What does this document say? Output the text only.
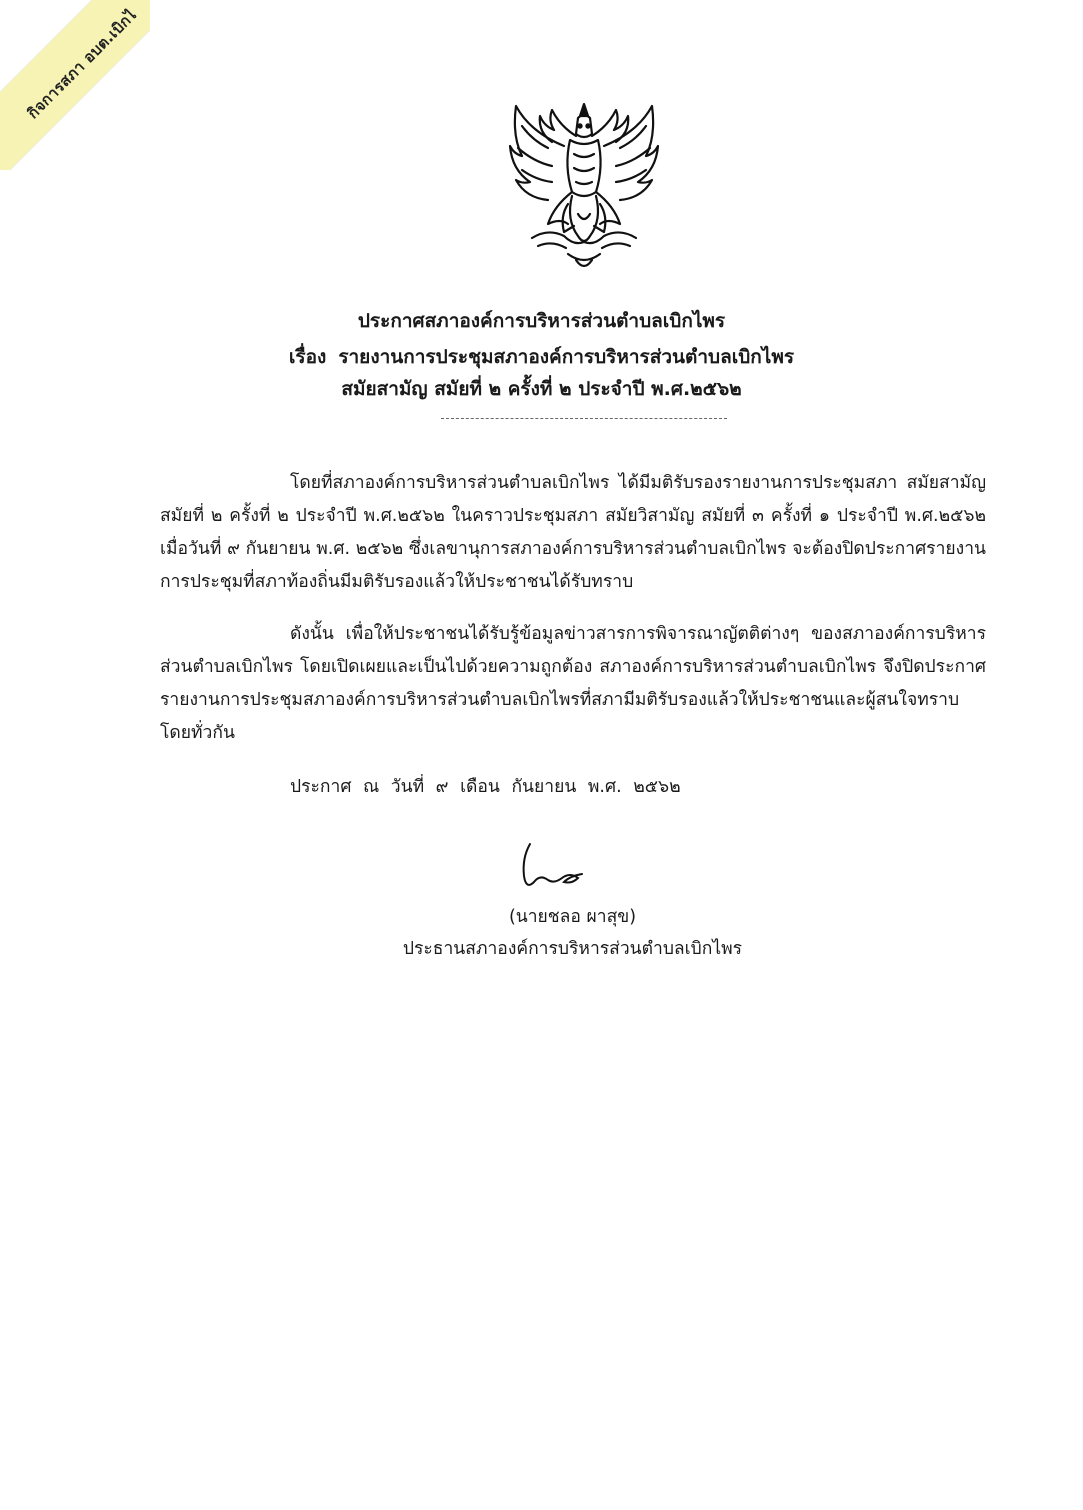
กิจการสภา อบต.เบิกไ
ประกาศสภาองค์การบริหารส่วนตำบลเบิกไพร
เรื่อง รายงานการประชุมสภาองค์การบริหารส่วนตำบลเบิกไพร
สมัยสามัญ สมัยที่ ๒ ครั้งที่ ๒ ประจำปี พ.ศ.๒๕๖๒
โดยที่สภาองค์การบริหารส่วนตำบลเบิกไพร ได้มีมติรับรองรายงานการประชุมสภา สมัยสามัญ สมัยที่ ๒ ครั้งที่ ๒ ประจำปี พ.ศ.๒๕๖๒ ในคราวประชุมสภา สมัยวิสามัญ สมัยที่ ๓ ครั้งที่ ๑ ประจำปี พ.ศ.๒๕๖๒ เมื่อวันที่ ๙ กันยายน พ.ศ. ๒๕๖๒ ซึ่งเลขานุการสภาองค์การบริหารส่วนตำบลเบิกไพร จะต้องปิดประกาศรายงานการประชุมที่สภาท้องถิ่นมีมติรับรองแล้วให้ประชาชนได้รับทราบ
ดังนั้น เพื่อให้ประชาชนได้รับรู้ข้อมูลข่าวสารการพิจารณาญัตติต่างๆ ของสภาองค์การบริหารส่วนตำบลเบิกไพร โดยเปิดเผยและเป็นไปด้วยความถูกต้อง สภาองค์การบริหารส่วนตำบลเบิกไพร จึงปิดประกาศรายงานการประชุมสภาองค์การบริหารส่วนตำบลเบิกไพรที่สภามีมติรับรองแล้วให้ประชาชนและผู้สนใจทราบโดยทั่วกัน
ประกาศ ณ วันที่ ๙ เดือน กันยายน พ.ศ. ๒๕๖๒
(นายชลอ ผาสุข)
ประธานสภาองค์การบริหารส่วนตำบลเบิกไพร
